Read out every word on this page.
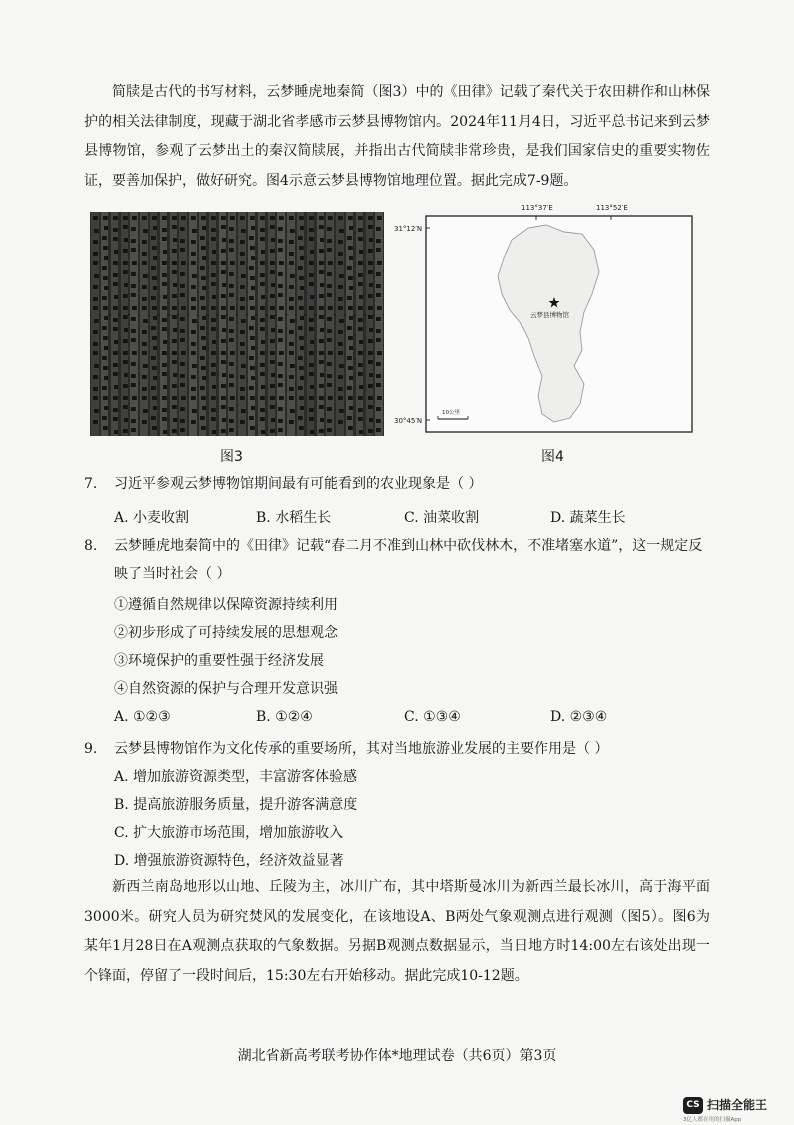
简牍是古代的书写材料，云梦睡虎地秦简（图3）中的《田律》记载了秦代关于农田耕作和山林保护的相关法律制度，现藏于湖北省孝感市云梦县博物馆内。2024年11月4日，习近平总书记来到云梦县博物馆，参观了云梦出土的秦汉简牍展，并指出古代简牍非常珍贵，是我们国家信史的重要实物佐证，要善加保护，做好研究。图4示意云梦县博物馆地理位置。据此完成7-9题。
图3
113°37′E	113°52′E
31°12′N
30°45′N
云梦县博物馆
10公里
图4
7. 习近平参观云梦博物馆期间最有可能看到的农业现象是（ ）
A. 小麦收割	B. 水稻生长	C. 油菜收割	D. 蔬菜生长
8. 云梦睡虎地秦简中的《田律》记载“春二月不准到山林中砍伐林木，不准堵塞水道”，这一规定反映了当时社会（ ）
①遵循自然规律以保障资源持续利用
②初步形成了可持续发展的思想观念
③环境保护的重要性强于经济发展
④自然资源的保护与合理开发意识强
A. ①②③	B. ①②④	C. ①③④	D. ②③④
9. 云梦县博物馆作为文化传承的重要场所，其对当地旅游业发展的主要作用是（ ）
A. 增加旅游资源类型，丰富游客体验感
B. 提高旅游服务质量，提升游客满意度
C. 扩大旅游市场范围，增加旅游收入
D. 增强旅游资源特色，经济效益显著
新西兰南岛地形以山地、丘陵为主，冰川广布，其中塔斯曼冰川为新西兰最长冰川，高于海平面3000米。研究人员为研究焚风的发展变化，在该地设A、B两处气象观测点进行观测（图5）。图6为某年1月28日在A观测点获取的气象数据。另据B观测点数据显示，当日地方时14:00左右该处出现一个锋面，停留了一段时间后，15:30左右开始移动。据此完成10-12题。
湖北省新高考联考协作体*地理试卷（共6页）第3页
CS 扫描全能王
3亿人都在用的扫描App
